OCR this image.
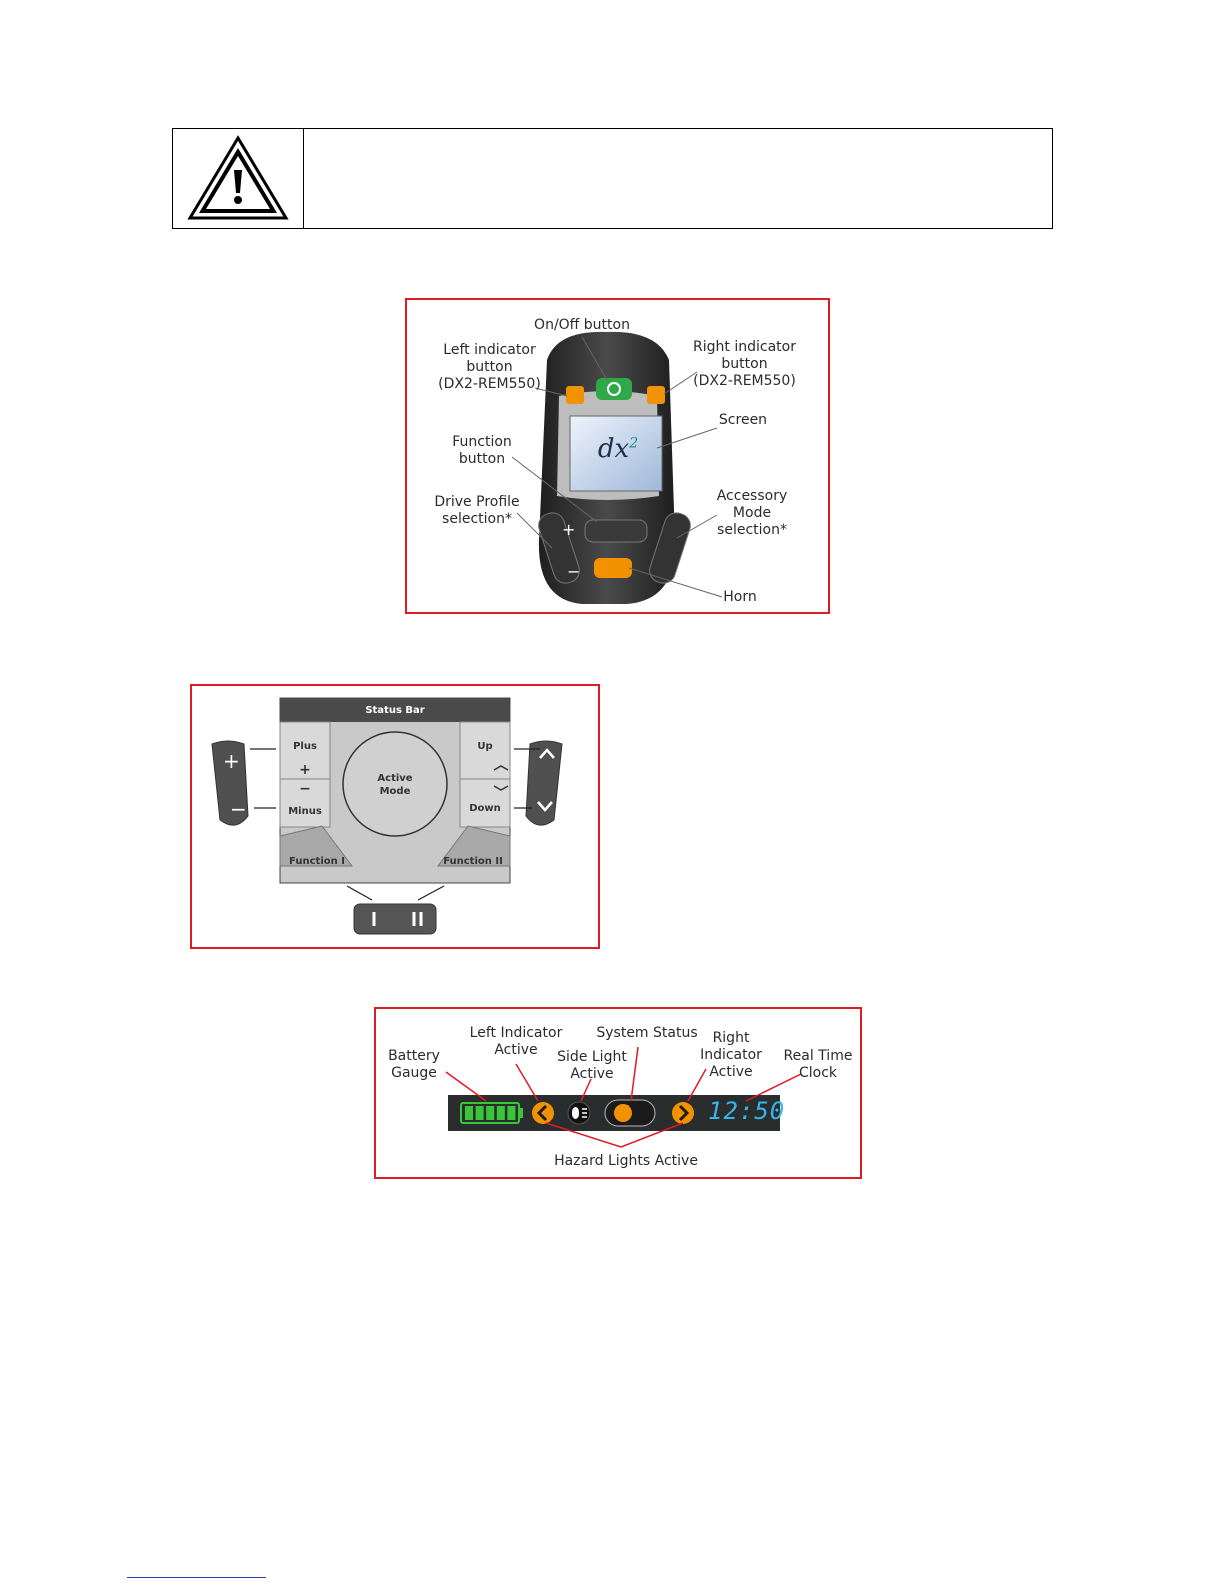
+
−
$dx^2$
On/Off button
Left indicator
button
(DX2-REM550)
Right indicator
button
(DX2-REM550)
Screen
Function
button
Drive Profile
selection*
Accessory
Mode
selection*
Horn
+
−
Status Bar
Plus
+
−
Minus
Up
Down
Active
Mode
Function I	Function II
5	12:50
Battery
Gauge
Left Indicator
Active	Side Light
Active
System Status	Right
Indicator
Active
Real Time
Clock
Hazard Lights Active
